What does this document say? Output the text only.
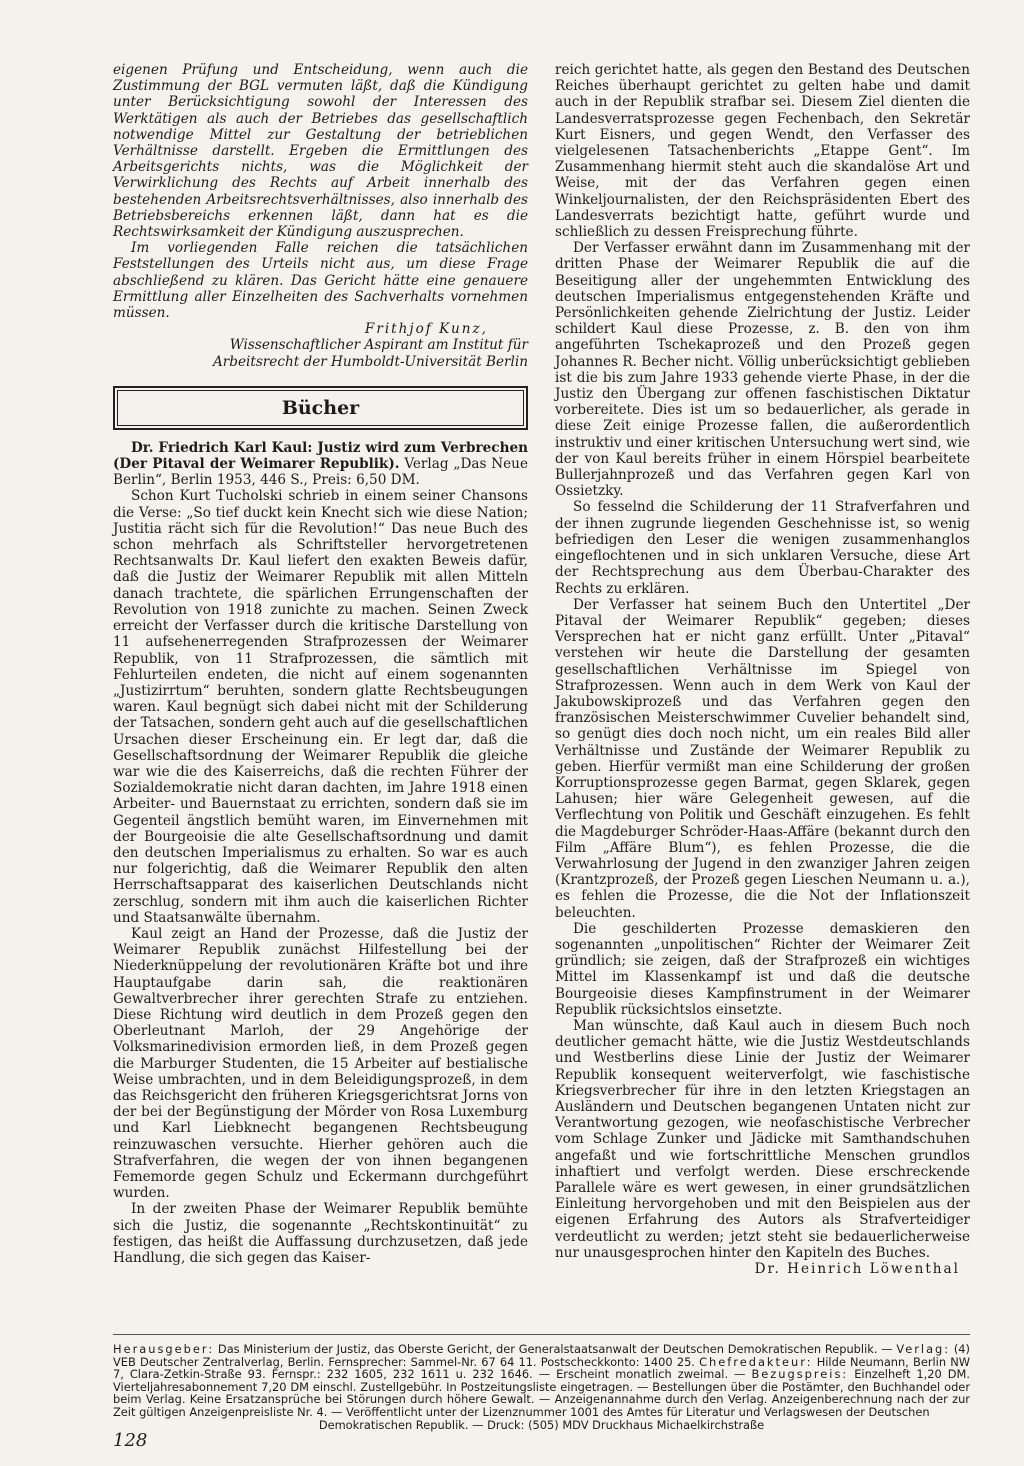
eigenen Prüfung und Entscheidung, wenn auch die Zustimmung der BGL vermuten läßt, daß die Kündigung unter Berücksichtigung sowohl der Interessen des Werktätigen als auch der Betriebes das gesellschaftlich notwendige Mittel zur Gestaltung der betrieblichen Verhältnisse darstellt. Ergeben die Ermittlungen des Arbeitsgerichts nichts, was die Möglichkeit der Verwirklichung des Rechts auf Arbeit innerhalb des bestehenden Arbeitsrechtsverhältnisses, also innerhalb des Betriebsbereichs erkennen läßt, dann hat es die Rechtswirksamkeit der Kündigung auszusprechen.

Im vorliegenden Falle reichen die tatsächlichen Feststellungen des Urteils nicht aus, um diese Frage abschließend zu klären. Das Gericht hätte eine genauere Ermittlung aller Einzelheiten des Sachverhalts vornehmen müssen.

Frithjof Kunz,
Wissenschaftlicher Aspirant am Institut für
Arbeitsrecht der Humboldt-Universität Berlin
Bücher

Dr. Friedrich Karl Kaul: Justiz wird zum Verbrechen (Der Pitaval der Weimarer Republik). Verlag „Das Neue Berlin“, Berlin 1953, 446 S., Preis: 6,50 DM.

Schon Kurt Tucholski schrieb in einem seiner Chansons die Verse: „So tief duckt kein Knecht sich wie diese Nation; Justitia rächt sich für die Revolution!“ Das neue Buch des schon mehrfach als Schriftsteller hervorgetretenen Rechtsanwalts Dr. Kaul liefert den exakten Beweis dafür, daß die Justiz der Weimarer Republik mit allen Mitteln danach trachtete, die spärlichen Errungenschaften der Revolution von 1918 zunichte zu machen. Seinen Zweck erreicht der Verfasser durch die kritische Darstellung von 11 aufsehenerregenden Strafprozessen der Weimarer Republik, von 11 Strafprozessen, die sämtlich mit Fehlurteilen endeten, die nicht auf einem sogenannten „Justizirrtum“ beruhten, sondern glatte Rechtsbeugungen waren. Kaul begnügt sich dabei nicht mit der Schilderung der Tatsachen, sondern geht auch auf die gesellschaftlichen Ursachen dieser Erscheinung ein. Er legt dar, daß die Gesellschaftsordnung der Weimarer Republik die gleiche war wie die des Kaiserreichs, daß die rechten Führer der Sozialdemokratie nicht daran dachten, im Jahre 1918 einen Arbeiter- und Bauernstaat zu errichten, sondern daß sie im Gegenteil ängstlich bemüht waren, im Einvernehmen mit der Bourgeoisie die alte Gesellschaftsordnung und damit den deutschen Imperialismus zu erhalten. So war es auch nur folgerichtig, daß die Weimarer Republik den alten Herrschaftsapparat des kaiserlichen Deutschlands nicht zerschlug, sondern mit ihm auch die kaiserlichen Richter und Staatsanwälte übernahm.

Kaul zeigt an Hand der Prozesse, daß die Justiz der Weimarer Republik zunächst Hilfestellung bei der Niederknüppelung der revolutionären Kräfte bot und ihre Hauptaufgabe darin sah, die reaktionären Gewaltverbrecher ihrer gerechten Strafe zu entziehen. Diese Richtung wird deutlich in dem Prozeß gegen den Oberleutnant Marloh, der 29 Angehörige der Volksmarinedivision ermorden ließ, in dem Prozeß gegen die Marburger Studenten, die 15 Arbeiter auf bestialische Weise umbrachten, und in dem Beleidigungsprozeß, in dem das Reichsgericht den früheren Kriegsgerichtsrat Jorns von der bei der Begünstigung der Mörder von Rosa Luxemburg und Karl Liebknecht begangenen Rechtsbeugung reinzuwaschen versuchte. Hierher gehören auch die Strafverfahren, die wegen der von ihnen begangenen Fememorde gegen Schulz und Eckermann durchgeführt wurden.

In der zweiten Phase der Weimarer Republik bemühte sich die Justiz, die sogenannte „Rechtskontinuität“ zu festigen, das heißt die Auffassung durchzusetzen, daß jede Handlung, die sich gegen das Kaiser-

reich gerichtet hatte, als gegen den Bestand des Deutschen Reiches überhaupt gerichtet zu gelten habe und damit auch in der Republik strafbar sei. Diesem Ziel dienten die Landesverratsprozesse gegen Fechenbach, den Sekretär Kurt Eisners, und gegen Wendt, den Verfasser des vielgelesenen Tatsachenberichts „Etappe Gent“. Im Zusammenhang hiermit steht auch die skandalöse Art und Weise, mit der das Verfahren gegen einen Winkeljournalisten, der den Reichspräsidenten Ebert des Landesverrats bezichtigt hatte, geführt wurde und schließlich zu dessen Freisprechung führte.

Der Verfasser erwähnt dann im Zusammenhang mit der dritten Phase der Weimarer Republik die auf die Beseitigung aller der ungehemmten Entwicklung des deutschen Imperialismus entgegenstehenden Kräfte und Persönlichkeiten gehende Zielrichtung der Justiz. Leider schildert Kaul diese Prozesse, z. B. den von ihm angeführten Tschekaprozeß und den Prozeß gegen Johannes R. Becher nicht. Völlig unberücksichtigt geblieben ist die bis zum Jahre 1933 gehende vierte Phase, in der die Justiz den Übergang zur offenen faschistischen Diktatur vorbereitete. Dies ist um so bedauerlicher, als gerade in diese Zeit einige Prozesse fallen, die außerordentlich instruktiv und einer kritischen Untersuchung wert sind, wie der von Kaul bereits früher in einem Hörspiel bearbeitete Bullerjahnprozeß und das Verfahren gegen Karl von Ossietzky.

So fesselnd die Schilderung der 11 Strafverfahren und der ihnen zugrunde liegenden Geschehnisse ist, so wenig befriedigen den Leser die wenigen zusammenhanglos eingeflochtenen und in sich unklaren Versuche, diese Art der Rechtsprechung aus dem Überbau-Charakter des Rechts zu erklären.

Der Verfasser hat seinem Buch den Untertitel „Der Pitaval der Weimarer Republik“ gegeben; dieses Versprechen hat er nicht ganz erfüllt. Unter „Pitaval“ verstehen wir heute die Darstellung der gesamten gesellschaftlichen Verhältnisse im Spiegel von Strafprozessen. Wenn auch in dem Werk von Kaul der Jakubowskiprozeß und das Verfahren gegen den französischen Meisterschwimmer Cuvelier behandelt sind, so genügt dies doch noch nicht, um ein reales Bild aller Verhältnisse und Zustände der Weimarer Republik zu geben. Hierfür vermißt man eine Schilderung der großen Korruptionsprozesse gegen Barmat, gegen Sklarek, gegen Lahusen; hier wäre Gelegenheit gewesen, auf die Verflechtung von Politik und Geschäft einzugehen. Es fehlt die Magdeburger Schröder-Haas-Affäre (bekannt durch den Film „Affäre Blum“), es fehlen Prozesse, die die Verwahrlosung der Jugend in den zwanziger Jahren zeigen (Krantzprozeß, der Prozeß gegen Lieschen Neumann u. a.), es fehlen die Prozesse, die die Not der Inflationszeit beleuchten.

Die geschilderten Prozesse demaskieren den sogenannten „unpolitischen“ Richter der Weimarer Zeit gründlich; sie zeigen, daß der Strafprozeß ein wichtiges Mittel im Klassenkampf ist und daß die deutsche Bourgeoisie dieses Kampfinstrument in der Weimarer Republik rücksichtslos einsetzte.

Man wünschte, daß Kaul auch in diesem Buch noch deutlicher gemacht hätte, wie die Justiz Westdeutschlands und Westberlins diese Linie der Justiz der Weimarer Republik konsequent weiterverfolgt, wie faschistische Kriegsverbrecher für ihre in den letzten Kriegstagen an Ausländern und Deutschen begangenen Untaten nicht zur Verantwortung gezogen, wie neofaschistische Verbrecher vom Schlage Zunker und Jädicke mit Samthandschuhen angefaßt und wie fortschrittliche Menschen grundlos inhaftiert und verfolgt werden. Diese erschreckende Parallele wäre es wert gewesen, in einer grundsätzlichen Einleitung hervorgehoben und mit den Beispielen aus der eigenen Erfahrung des Autors als Strafverteidiger verdeutlicht zu werden; jetzt steht sie bedauerlicherweise nur unausgesprochen hinter den Kapiteln des Buches.

Dr. Heinrich Löwenthal
Herausgeber: Das Ministerium der Justiz, das Oberste Gericht, der Generalstaatsanwalt der Deutschen Demokratischen Republik. — Verlag: (4) VEB Deutscher Zentralverlag, Berlin. Fernsprecher: Sammel-Nr. 67 64 11. Postscheckkonto: 1400 25. Chefredakteur: Hilde Neumann, Berlin NW 7, Clara-Zetkin-Straße 93. Fernspr.: 232 1605, 232 1611 u. 232 1646. — Erscheint monatlich zweimal. — Bezugspreis: Einzelheft 1,20 DM. Vierteljahresabonnement 7,20 DM einschl. Zustellgebühr. In Postzeitungsliste eingetragen. — Bestellungen über die Postämter, den Buchhandel oder beim Verlag. Keine Ersatzansprüche bei Störungen durch höhere Gewalt. — Anzeigenannahme durch den Verlag. Anzeigenberechnung nach der zur Zeit gültigen Anzeigenpreisliste Nr. 4. — Veröffentlicht unter der Lizenznummer 1001 des Amtes für Literatur und Verlagswesen der Deutschen
Demokratischen Republik. — Druck: (505) MDV Druckhaus Michaelkirchstraße
128
